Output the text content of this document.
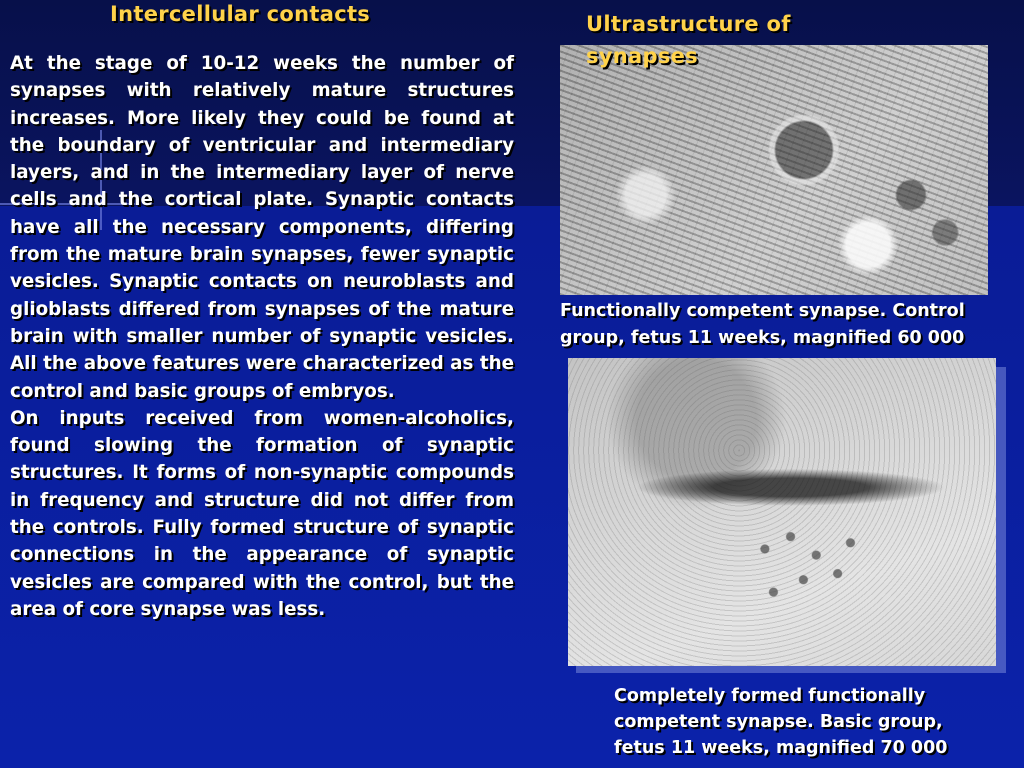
Intercellular contacts
At the stage of 10-12 weeks the number of synapses with relatively mature structures increases. More likely they could be found at the boundary of ventricular and intermediary layers, and in the intermediary layer of nerve cells and the cortical plate. Synaptic contacts have all the necessary components, differing from the mature brain synapses, fewer synaptic vesicles. Synaptic contacts on neuroblasts and glioblasts differed from synapses of the mature brain with smaller number of synaptic vesicles. All the above features were characterized as the control and basic groups of embryos.
On inputs received from women-alcoholics, found slowing the formation of synaptic structures. It forms of non-synaptic compounds in frequency and structure did not differ from the controls. Fully formed structure of synaptic connections in the appearance of synaptic vesicles are compared with the control, but the area of core synapse was less.
Ultrastructure of
synapses
Functionally competent synapse. Control
group, fetus 11 weeks, magnified 60 000
Completely formed functionally
competent synapse. Basic group,
fetus 11 weeks, magnified 70 000
